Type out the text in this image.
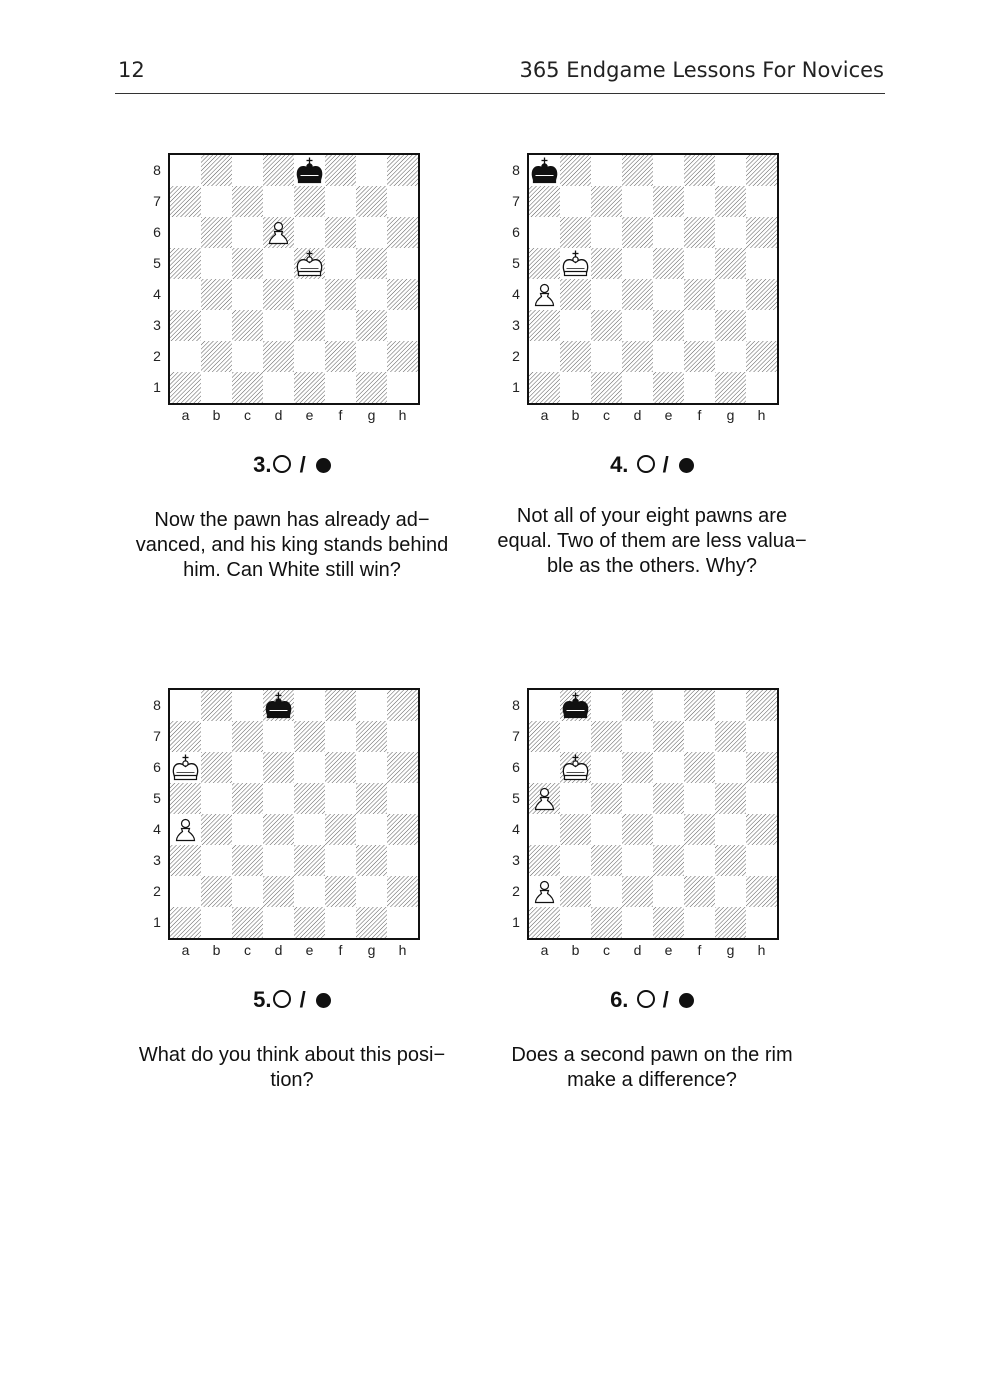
12	365 Endgame Lessons For Novices
8
7
6
5
4
3
2
1
a	b	c	d	e	f	g	h
3. /
Now the pawn has already ad−
vanced, and his king stands behind
him. Can White still win?
8
7
6
5
4
3
2
1
a	b	c	d	e	f	g	h
4. /
Not all of your eight pawns are
equal. Two of them are less valua−
ble as the others. Why?
8
7
6
5
4
3
2
1
a	b	c	d	e	f	g	h
5. /
What do you think about this posi−
tion?
8
7
6
5
4
3
2
1
a	b	c	d	e	f	g	h
6. /
Does a second pawn on the rim
make a difference?
